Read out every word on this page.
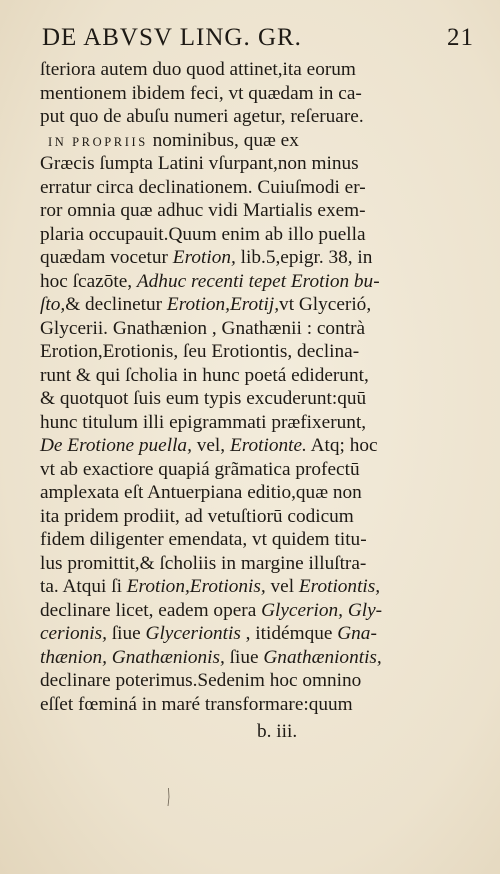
DE ABVSV LING. GR.	21
ſteriora autem duo quod attinet,ita eorum
mentionem ibidem feci, vt quædam in ca-
put quo de abuſu numeri agetur, reſeruare.
IN PROPRIIS nominibus, quæ ex
Græcis ſumpta Latini vſurpant,non minus
erratur circa declinationem. Cuiuſmodi er-
ror omnia quæ adhuc vidi Martialis exem-
plaria occupauit.Quum enim ab illo puella
quædam vocetur Erotion, lib.5,epigr. 38, in
hoc ſcazōte, Adhuc recenti tepet Erotion bu-
ſto,& declinetur Erotion,Erotij,vt Glycerió,
Glycerii. Gnathænion , Gnathænii : contrà
Erotion,Erotionis, ſeu Erotiontis, declina-
runt & qui ſcholia in hunc poetá ediderunt,
& quotquot ſuis eum typis excuderunt:quū
hunc titulum illi epigrammati præfixerunt,
De Erotione puella, vel, Erotionte. Atq; hoc
vt ab exactiore quapiá grãmatica profectū
amplexata eſt Antuerpiana editio,quæ non
ita pridem prodiit, ad vetuſtiorū codicum
fidem diligenter emendata, vt quidem titu-
lus promittit,& ſcholiis in margine illuſtra-
ta. Atqui ſi Erotion,Erotionis, vel Erotiontis,
declinare licet, eadem opera Glycerion, Gly-
cerionis, ſiue Glyceriontis , itidémque Gna-
thænion, Gnathænionis, ſiue Gnathæniontis,
declinare poterimus.Sedenim hoc omnino
eſſet fœminá in maré transformare:quum
b. iii.
